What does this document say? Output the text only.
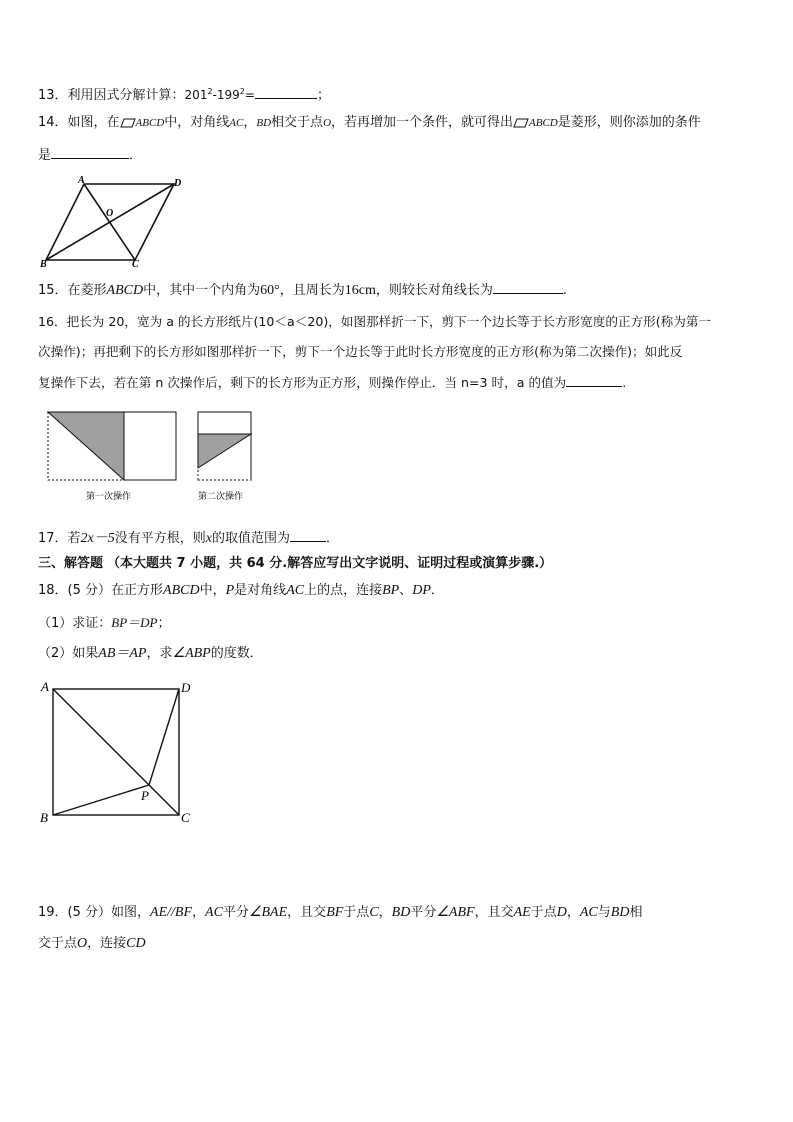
13．利用因式分解计算：$201^2-199^2=$	；
14．如图，在 ABCD中，对角线AC，BD相交于点O，若再增加一个条件，就可得出 ABCD是菱形，则你添加的条件
是	．
A	D
O
B	C
15．在菱形ABCD中，其中一个内角为60°，且周长为16cm，则较长对角线长为	.
16．把长为 20，宽为 a 的长方形纸片(10＜a＜20)，如图那样折一下，剪下一个边长等于长方形宽度的正方形(称为第一
次操作)；再把剩下的长方形如图那样折一下，剪下一个边长等于此时长方形宽度的正方形(称为第二次操作)；如此反
复操作下去，若在第 n 次操作后，剩下的长方形为正方形，则操作停止．当 n=3 时，a 的值为	.
第一次操作	第二次操作
17．若2x－5没有平方根，则x的取值范围为	．
三、解答题 （本大题共 7 小题，共 64 分.解答应写出文字说明、证明过程或演算步骤.）
18．(5 分）在正方形ABCD中，P是对角线AC上的点，连接BP、DP．
（1）求证：BP＝DP；
（2）如果AB＝AP，求∠ABP的度数．
A	D
B	C
P
19．(5 分）如图，AE//BF，AC平分∠BAE，且交BF于点C，BD平分∠ABF，且交AE于点D，AC与BD相
交于点O，连接CD
